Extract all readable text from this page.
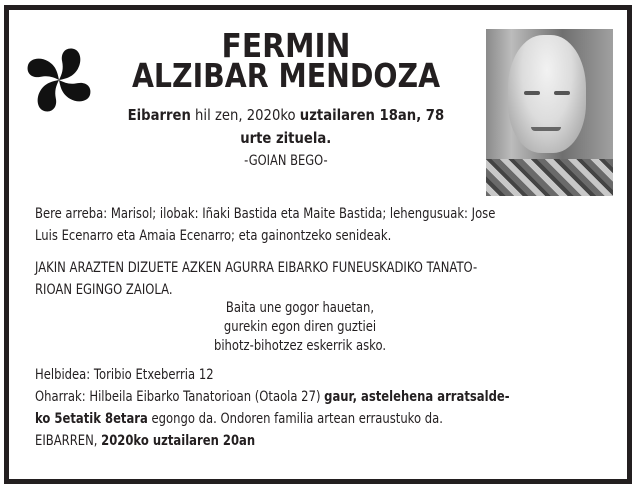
FERMIN
ALZIBAR MENDOZA
Eibarren hil zen, 2020ko uztailaren 18an, 78
urte zituela.
-GOIAN BEGO-
Bere arreba: Marisol; ilobak: Iñaki Bastida eta Maite Bastida; lehengusuak: Jose
Luis Ecenarro eta Amaia Ecenarro; eta gainontzeko senideak.
JAKIN ARAZTEN DIZUETE AZKEN AGURRA EIBARKO FUNEUSKADIKO TANATO-
RIOAN EGINGO ZAIOLA.
Baita une gogor hauetan,
gurekin egon diren guztiei
bihotz-bihotzez eskerrik asko.
Helbidea: Toribio Etxeberria 12
Oharrak: Hilbeila Eibarko Tanatorioan (Otaola 27) gaur, astelehena arratsalde-
ko 5etatik 8etara egongo da. Ondoren familia artean erraustuko da.
EIBARREN, 2020ko uztailaren 20an
